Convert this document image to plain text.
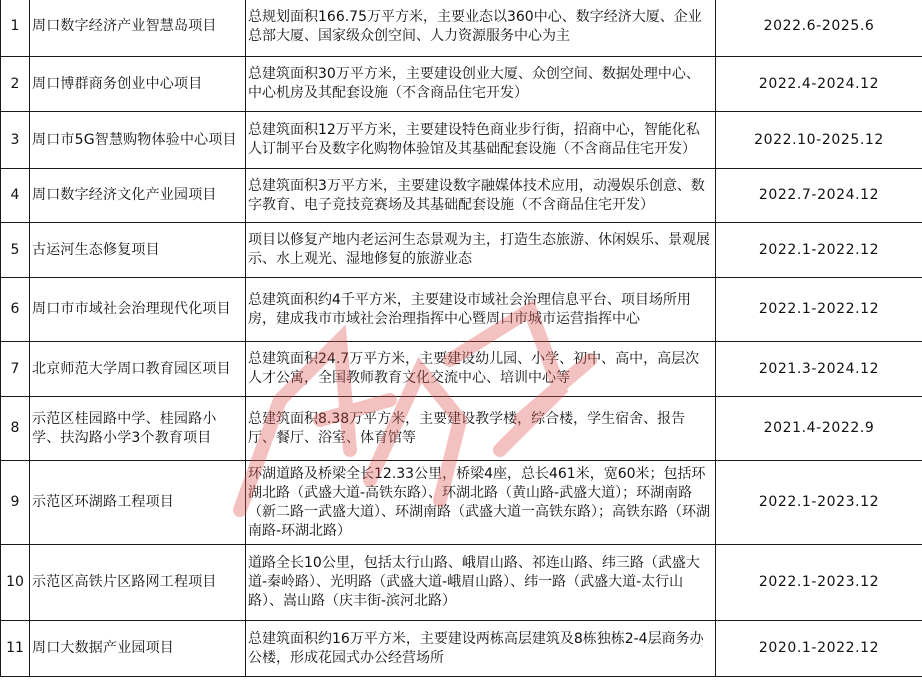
1	周口数字经济产业智慧岛项目	总规划面积166.75万平方米，主要业态以360中心、数字经济大厦、企业总部大厦、国家级众创空间、人力资源服务中心为主	2022.6-2025.6
2	周口博群商务创业中心项目	总建筑面积30万平方米，主要建设创业大厦、众创空间、数据处理中心、中心机房及其配套设施（不含商品住宅开发）	2022.4-2024.12
3	周口市5G智慧购物体验中心项目	总建筑面积12万平方米，主要建设特色商业步行街，招商中心，智能化私人订制平台及数字化购物体验馆及其基础配套设施（不含商品住宅开发）	2022.10-2025.12
4	周口数字经济文化产业园项目	总建筑面积3万平方米，主要建设数字融媒体技术应用，动漫娱乐创意、数字教育、电子竞技竞赛场及其基础配套设施（不含商品住宅开发）	2022.7-2024.12
5	古运河生态修复项目	项目以修复产地内老运河生态景观为主，打造生态旅游、休闲娱乐、景观展示、水上观光、湿地修复的旅游业态	2022.1-2022.12
6	周口市市域社会治理现代化项目	总建筑面积约4千平方米，主要建设市域社会治理信息平台、项目场所用房，建成我市市域社会治理指挥中心暨周口市城市运营指挥中心	2022.1-2022.12
7	北京师范大学周口教育园区项目	总建筑面积24.7万平方米，主要建设幼儿园、小学、初中、高中，高层次人才公寓，全国教师教育文化交流中心、培训中心等	2021.3-2024.12
8	示范区桂园路中学、桂园路小学、扶沟路小学3个教育项目	总建筑面积8.38万平方米，主要建设教学楼，综合楼，学生宿舍、报告厅、餐厅、浴室、体育馆等	2021.4-2022.9
9	示范区环湖路工程项目	环湖道路及桥梁全长12.33公里，桥梁4座，总长461米，宽60米；包括环湖北路（武盛大道-高铁东路）、环湖北路（黄山路-武盛大道）；环湖南路（新二路一武盛大道）、环湖南路（武盛大道一高铁东路）；高铁东路（环湖南路-环湖北路）	2022.1-2023.12
10	示范区高铁片区路网工程项目	道路全长10公里，包括太行山路、峨眉山路、祁连山路、纬三路（武盛大道-秦岭路）、光明路（武盛大道-峨眉山路）、纬一路（武盛大道-太行山路）、嵩山路（庆丰街-滨河北路）	2022.1-2023.12
11	周口大数据产业园项目	总建筑面积约16万平方米，主要建设两栋高层建筑及8栋独栋2-4层商务办公楼，形成花园式办公经营场所	2020.1-2022.12
